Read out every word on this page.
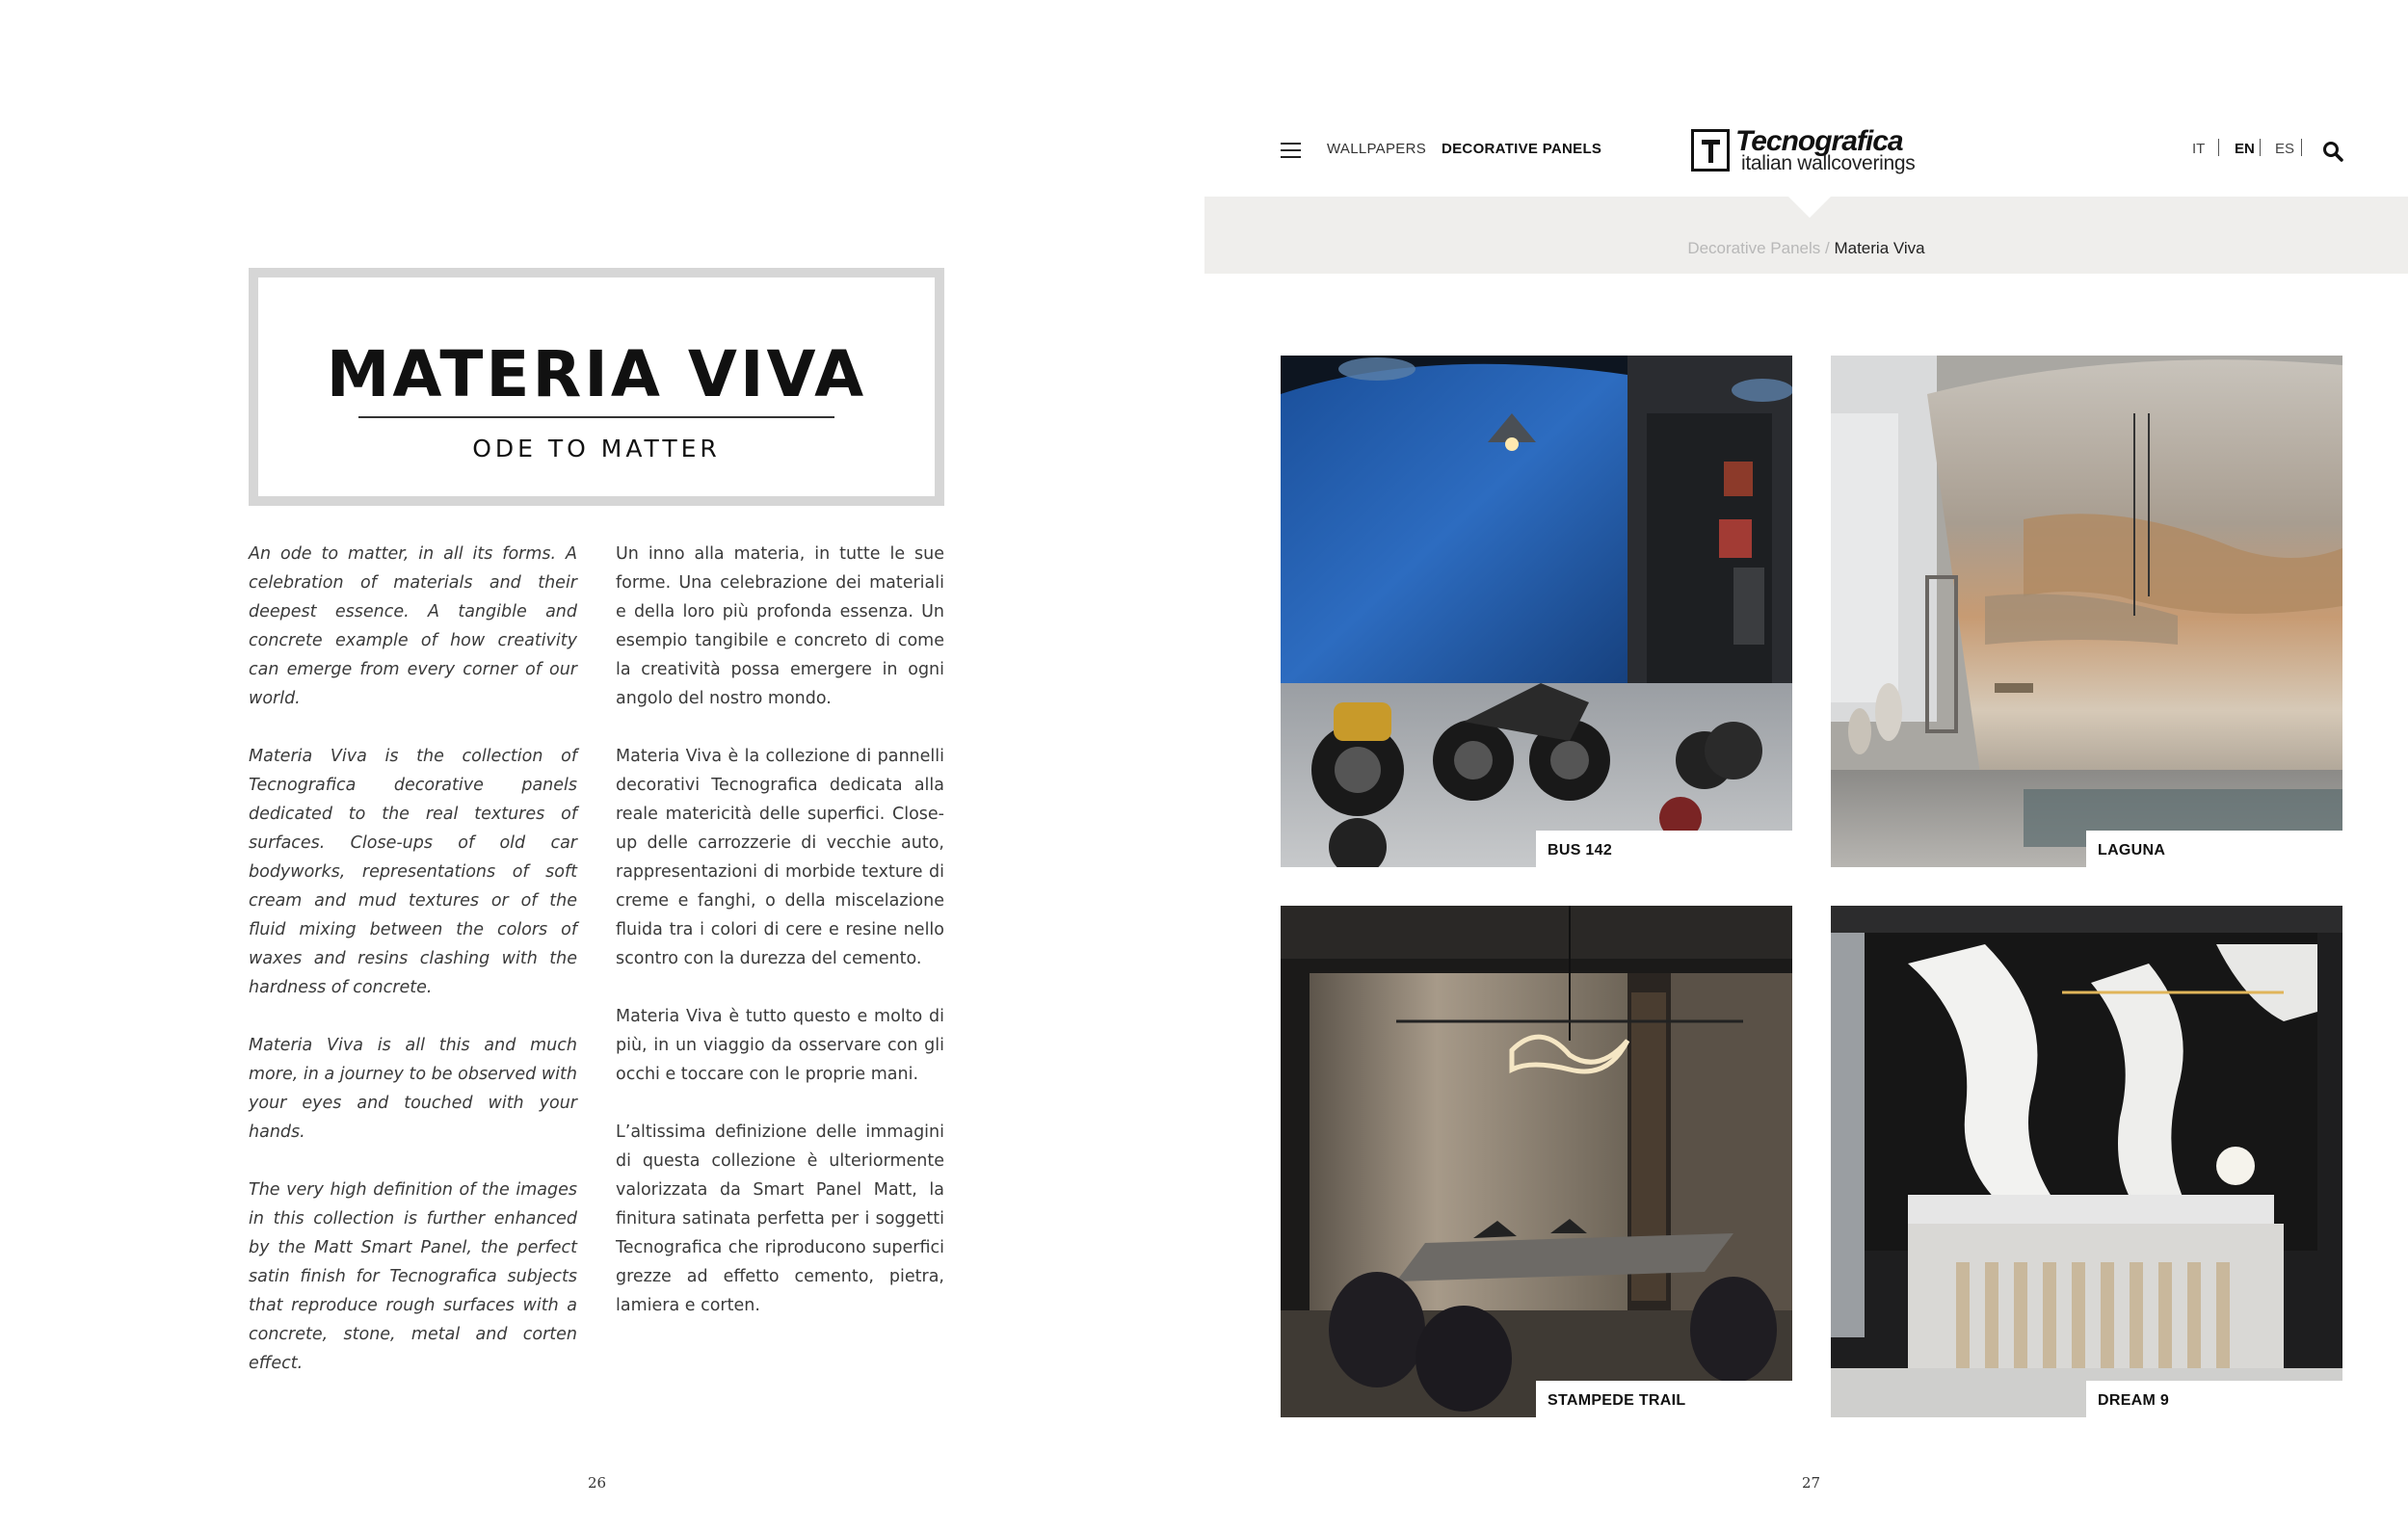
MATERIA VIVA
ODE TO MATTER

An ode to matter, in all its forms. A celebration of materials and their deepest essence. A tangible and concrete example of how creativity can emerge from every corner of our world.

Materia Viva is the collection of Tecnografica decorative panels dedicated to the real textures of surfaces. Close-ups of old car bodyworks, representations of soft cream and mud textures or of the fluid mixing between the colors of waxes and resins clashing with the hardness of concrete.

Materia Viva is all this and much more, in a journey to be observed with your eyes and touched with your hands.

The very high definition of the images in this collection is further enhanced by the Matt Smart Panel, the perfect satin finish for Tecnografica subjects that reproduce rough surfaces with a concrete, stone, metal and corten effect.

Un inno alla materia, in tutte le sue forme. Una celebrazione dei materiali e della loro più profonda essenza. Un esempio tangibile e concreto di come la creatività possa emergere in ogni angolo del nostro mondo.

Materia Viva è la collezione di pannelli decorativi Tecnografica dedicata alla reale matericità delle superfici. Close-up delle carrozzerie di vecchie auto, rappresentazioni di morbide texture di creme e fanghi, o della miscelazione fluida tra i colori di cere e resine nello scontro con la durezza del cemento.

Materia Viva è tutto questo e molto di più, in un viaggio da osservare con gli occhi e toccare con le proprie mani.

L’altissima definizione delle immagini di questa collezione è ulteriormente valorizzata da Smart Panel Matt, la finitura satinata perfetta per i soggetti Tecnografica che riproducono superfici grezze ad effetto cemento, pietra, lamiera e corten.

26
WALLPAPERS DECORATIVE PANELS	Tecnografica
italian wallcoverings
IT EN ES
Decorative Panels / Materia Viva
BUS 142	LAGUNA
STAMPEDE TRAIL	DREAM 9
27
